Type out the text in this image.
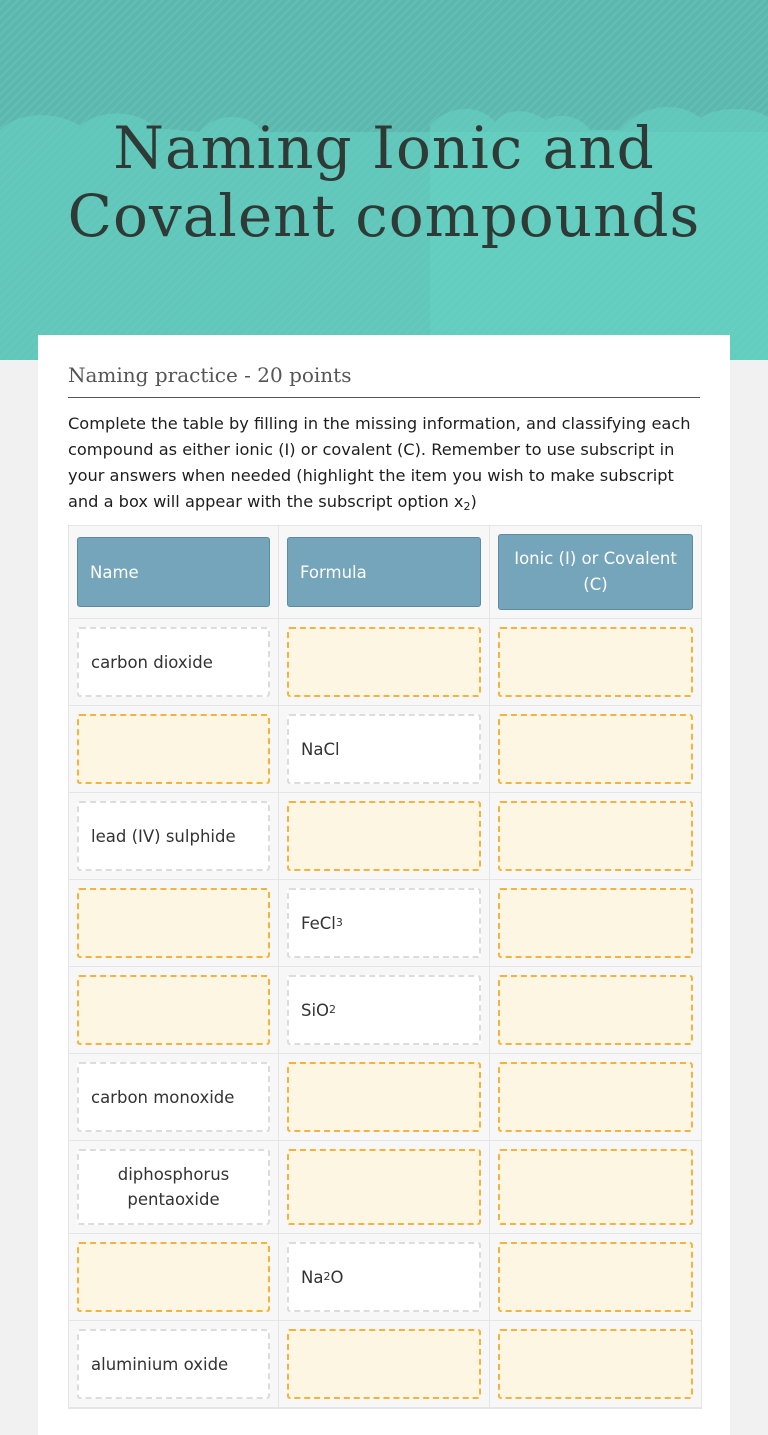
Naming Ionic and Covalent compounds
Naming practice - 20 points

Complete the table by filling in the missing information, and classifying each compound as either ionic (I) or covalent (C). Remember to use subscript in your answers when needed (highlight the item you wish to make subscript and a box will appear with the subscript option $x_2$)

Name	Formula
Ionic (I) or Covalent (C)
carbon dioxide
NaCl
lead (IV) sulphide
FeCl 3
SiO 2
carbon monoxide
diphosphorus pentaoxide
Na 2 O
aluminium oxide
